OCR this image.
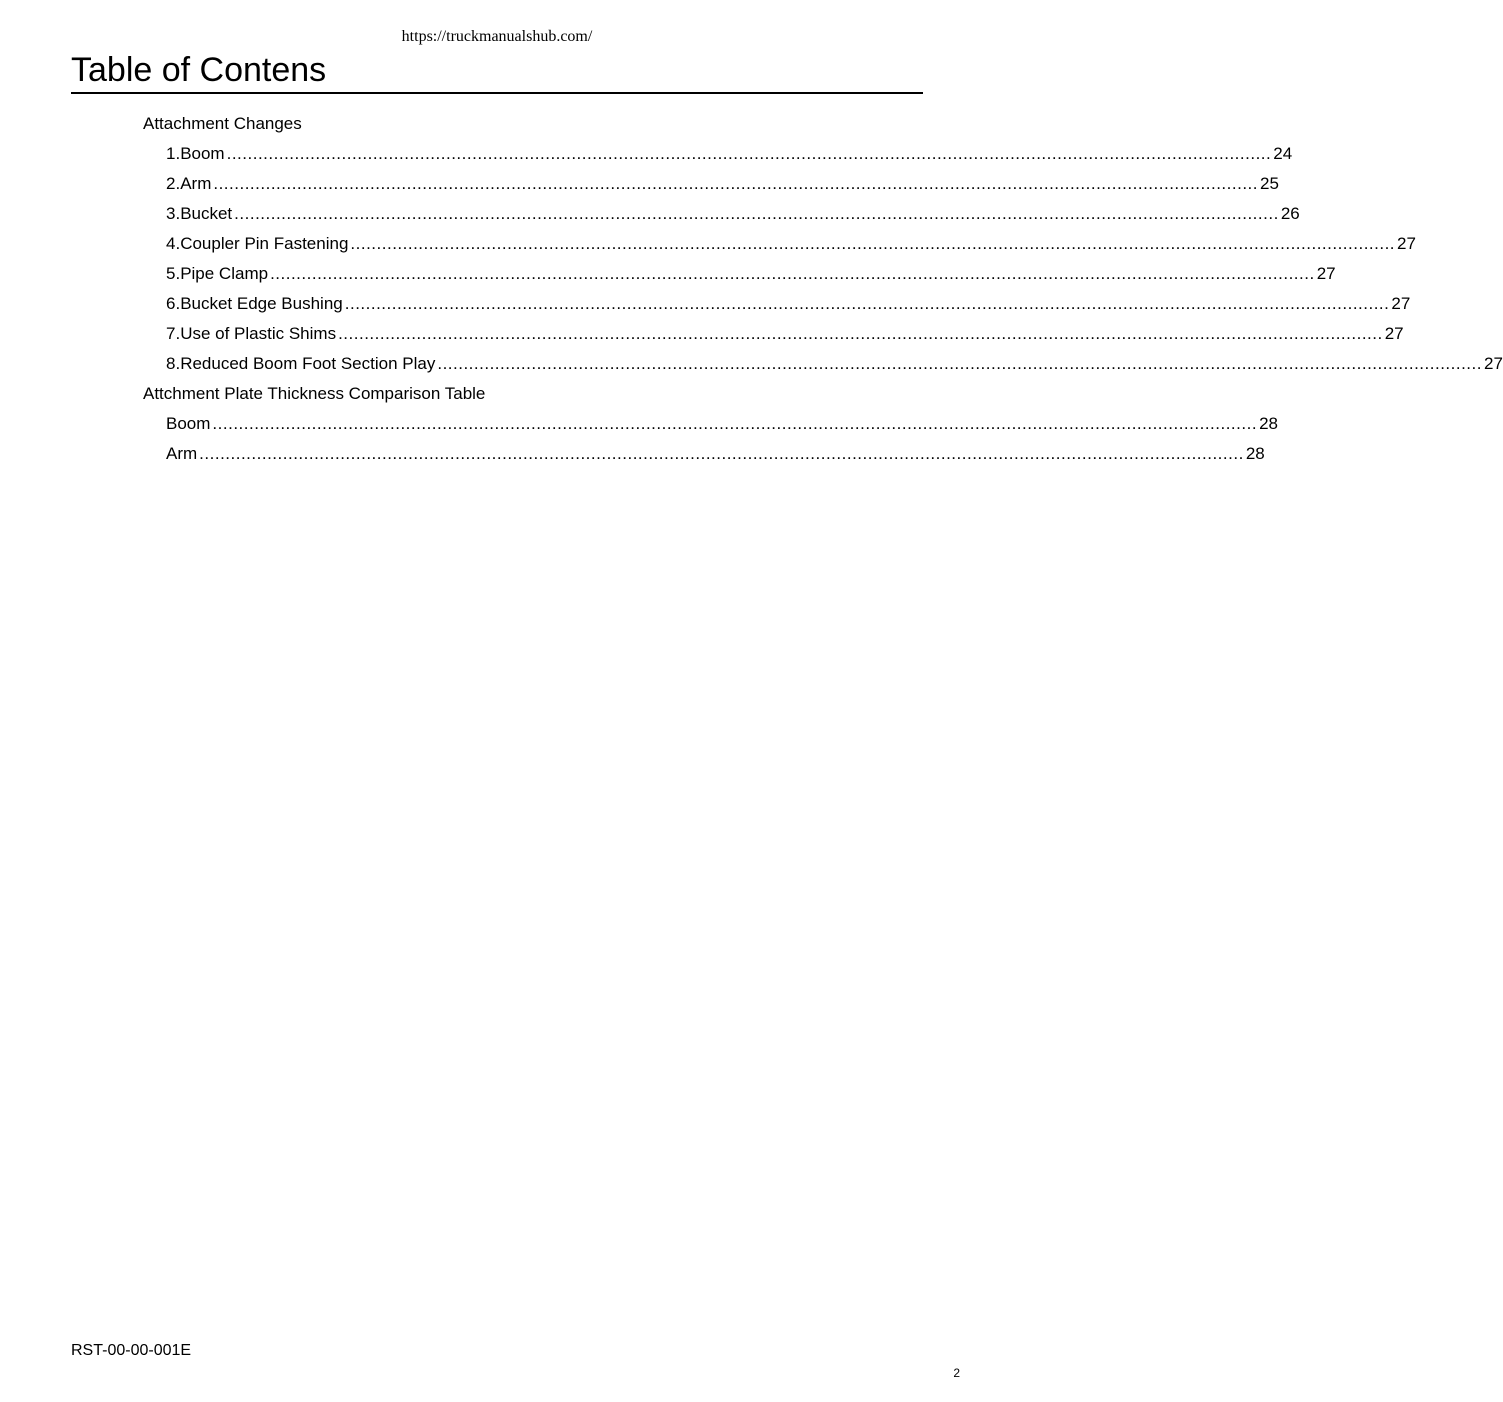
https://truckmanualshub.com/
Table of Contens
Attachment Changes
1. Boom ........................................................................................................................................................................................................ 24
2. Arm ........................................................................................................................................................................................................ 25
3. Bucket ........................................................................................................................................................................................................ 26
4. Coupler Pin Fastening ........................................................................................................................................................................................................ 27
5. Pipe Clamp ........................................................................................................................................................................................................ 27
6. Bucket Edge Bushing ........................................................................................................................................................................................................ 27
7. Use of Plastic Shims ........................................................................................................................................................................................................ 27
8. Reduced Boom Foot Section Play ........................................................................................................................................................................................................ 27
Attchment Plate Thickness Comparison Table
Boom ........................................................................................................................................................................................................ 28
Arm ........................................................................................................................................................................................................ 28
RST-00-00-001E
2
